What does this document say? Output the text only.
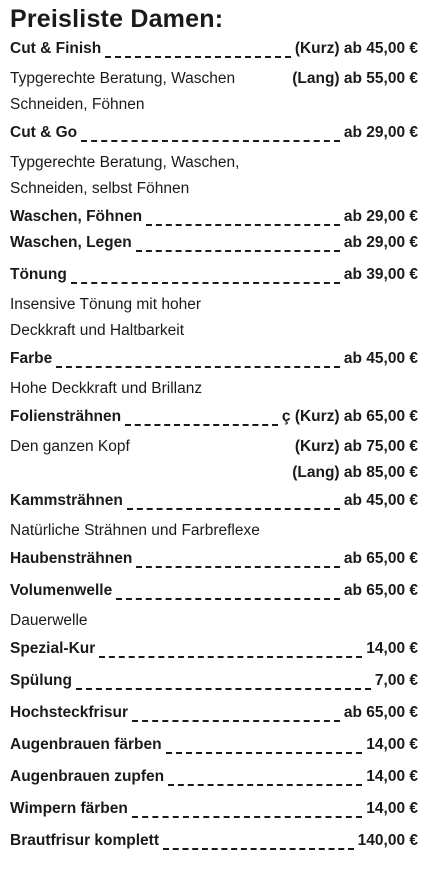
Preisliste Damen:
Cut & Finish	(Kurz) ab 45,00 €
Typgerechte Beratung, Waschen	(Lang) ab 55,00 €
Schneiden, Föhnen
Cut & Go	ab 29,00 €
Typgerechte Beratung, Waschen,
Schneiden, selbst Föhnen
Waschen, Föhnen	ab 29,00 €
Waschen, Legen	ab 29,00 €
Tönung	ab 39,00 €
Insensive Tönung mit hoher
Deckkraft und Haltbarkeit
Farbe	ab 45,00 €
Hohe Deckkraft und Brillanz
Foliensträhnen	ç (Kurz) ab 65,00 €
Den ganzen Kopf	(Kurz) ab 75,00 €
(Lang) ab 85,00 €
Kammsträhnen	ab 45,00 €
Natürliche Strähnen und Farbreflexe
Haubensträhnen	ab 65,00 €
Volumenwelle	ab 65,00 €
Dauerwelle
Spezial-Kur	14,00 €
Spülung	7,00 €
Hochsteckfrisur	ab 65,00 €
Augenbrauen färben	14,00 €
Augenbrauen zupfen	14,00 €
Wimpern färben	14,00 €
Brautfrisur komplett	140,00 €
